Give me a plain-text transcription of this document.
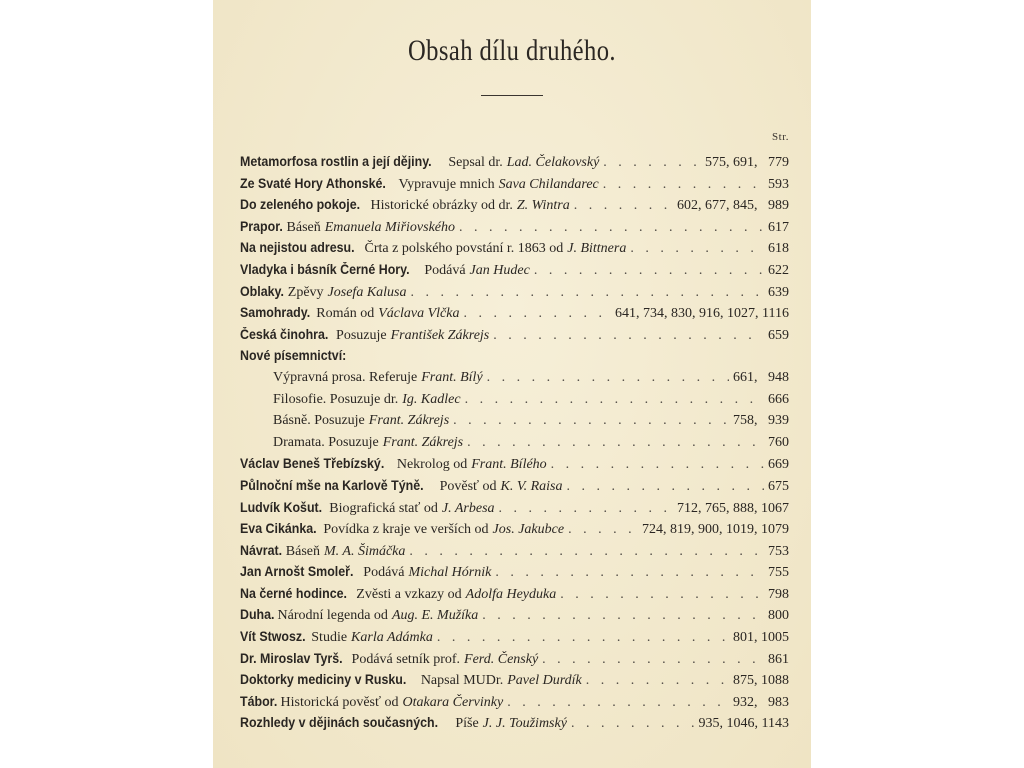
Obsah dílu druhého.
Str.
Metamorfosa rostlin a její dějiny. Sepsal dr. Lad. Čelakovský . . .	575, 691,   779
Ze Svaté Hory Athonské. Vypravuje mnich Sava Chilandarec . . .	593
Do zeleného pokoje. Historické obrázky od dr. Z. Wintra . . .	602, 677, 845,   989
Prapor. Báseň Emanuela Miřiovského . . .	617
Na nejistou adresu. Črta z polského povstání r. 1863 od J. Bittnera . . .	618
Vladyka i básník Černé Hory. Podává Jan Hudec . . .	622
Oblaky. Zpěvy Josefa Kalusa . . .	639
Samohrady. Román od Václava Vlčka . . .	641, 734, 830, 916, 1027, 1116
Česká činohra. Posuzuje František Zákrejs . . .	659
Nové písemnictví:
Výpravná prosa. Referuje Frant. Bílý . . .	661,   948
Filosofie. Posuzuje dr. Ig. Kadlec . . .	666
Básně. Posuzuje Frant. Zákrejs . . .	758,   939
Dramata. Posuzuje Frant. Zákrejs . . .	760
Václav Beneš Třebízský. Nekrolog od Frant. Bílého . . .	669
Půlnoční mše na Karlově Týně. Pověsť od K. V. Raisa . . .	675
Ludvík Košut. Biografická stať od J. Arbesa . . .	712, 765, 888, 1067
Eva Cikánka. Povídka z kraje ve verších od Jos. Jakubce . . .	724, 819, 900, 1019, 1079
Návrat. Báseň M. A. Šimáčka . . .	753
Jan Arnošt Smoleř. Podává Michal Hórnik . . .	755
Na černé hodince. Zvěsti a vzkazy od Adolfa Heyduka . . .	798
Duha. Národní legenda od Aug. E. Mužíka . . .	800
Vít Stwosz. Studie Karla Adámka . . .	801, 1005
Dr. Miroslav Tyrš. Podává setník prof. Ferd. Čenský . . .	861
Doktorky mediciny v Rusku. Napsal MUDr. Pavel Durdík . . .	875, 1088
Tábor. Historická pověsť od Otakara Červinky . . .	932,   983
Rozhledy v dějinách současných. Píše J. J. Toužimský . . .	935, 1046, 1143
